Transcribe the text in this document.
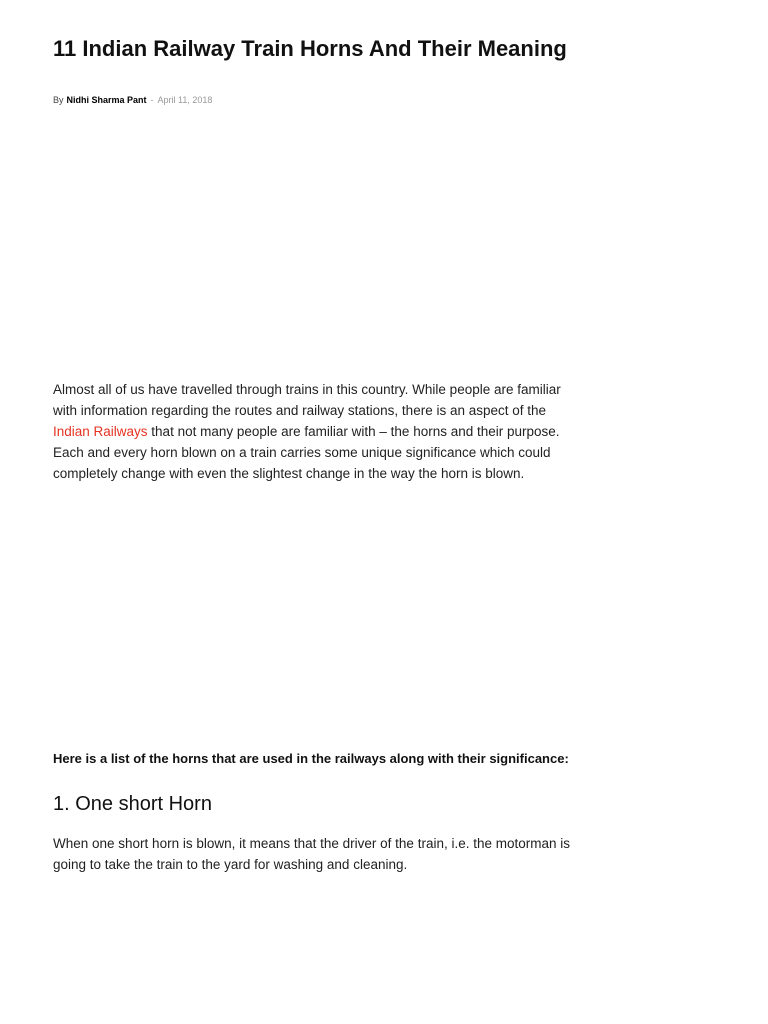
11 Indian Railway Train Horns And Their Meaning
By Nidhi Sharma Pant - April 11, 2018

Almost all of us have travelled through trains in this country. While people are familiar with information regarding the routes and railway stations, there is an aspect of the Indian Railways that not many people are familiar with – the horns and their purpose. Each and every horn blown on a train carries some unique significance which could completely change with even the slightest change in the way the horn is blown.

Here is a list of the horns that are used in the railways along with their significance:

1. One short Horn

When one short horn is blown, it means that the driver of the train, i.e. the motorman is going to take the train to the yard for washing and cleaning.
